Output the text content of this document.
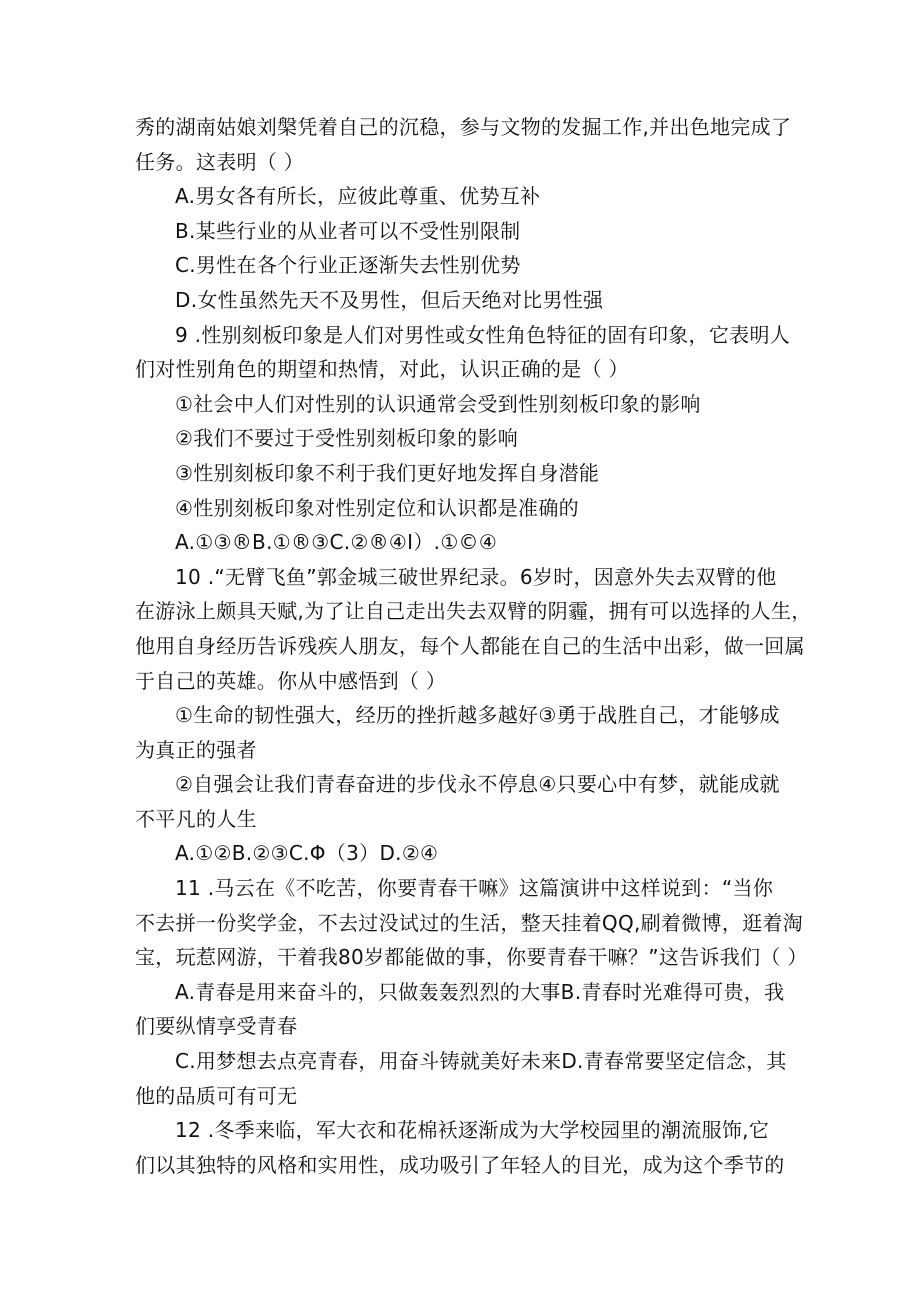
秀的湖南姑娘刘槃凭着自己的沉稳，参与文物的发掘工作,并出色地完成了
任务。这表明（ ）
A.男女各有所长，应彼此尊重、优势互补
B.某些行业的从业者可以不受性别限制
C.男性在各个行业正逐渐失去性别优势
D.女性虽然先天不及男性，但后天绝对比男性强
9 .性别刻板印象是人们对男性或女性角色特征的固有印象，它表明人
们对性别角色的期望和热情，对此，认识正确的是（ ）
①社会中人们对性别的认识通常会受到性别刻板印象的影响
②我们不要过于受性别刻板印象的影响
③性别刻板印象不利于我们更好地发挥自身潜能
④性别刻板印象对性别定位和认识都是准确的
A.①③®B.①®③C.②®④I）.①©④
10 .“无臂飞鱼”郭金城三破世界纪录。6岁时，因意外失去双臂的他
在游泳上颇具天赋,为了让自己走出失去双臂的阴霾，拥有可以选择的人生，
他用自身经历告诉残疾人朋友，每个人都能在自己的生活中出彩，做一回属
于自己的英雄。你从中感悟到（ ）
①生命的韧性强大，经历的挫折越多越好③勇于战胜自己，才能够成
为真正的强者
②自强会让我们青春奋进的步伐永不停息④只要心中有梦，就能成就
不平凡的人生
A.①②B.②③C.Φ（3）D.②④
11 .马云在《不吃苦，你要青春干嘛》这篇演讲中这样说到：“当你
不去拼一份奖学金，不去过没试过的生活，整天挂着QQ,刷着微博，逛着淘
宝，玩惹网游，干着我80岁都能做的事，你要青春干嘛？”这告诉我们（ ）
A.青春是用来奋斗的，只做轰轰烈烈的大事B.青春时光难得可贵，我
们要纵情享受青春
C.用梦想去点亮青春，用奋斗铸就美好未来D.青春常要坚定信念，其
他的品质可有可无
12 .冬季来临，军大衣和花棉袄逐渐成为大学校园里的潮流服饰,它
们以其独特的风格和实用性，成功吸引了年轻人的目光，成为这个季节的
